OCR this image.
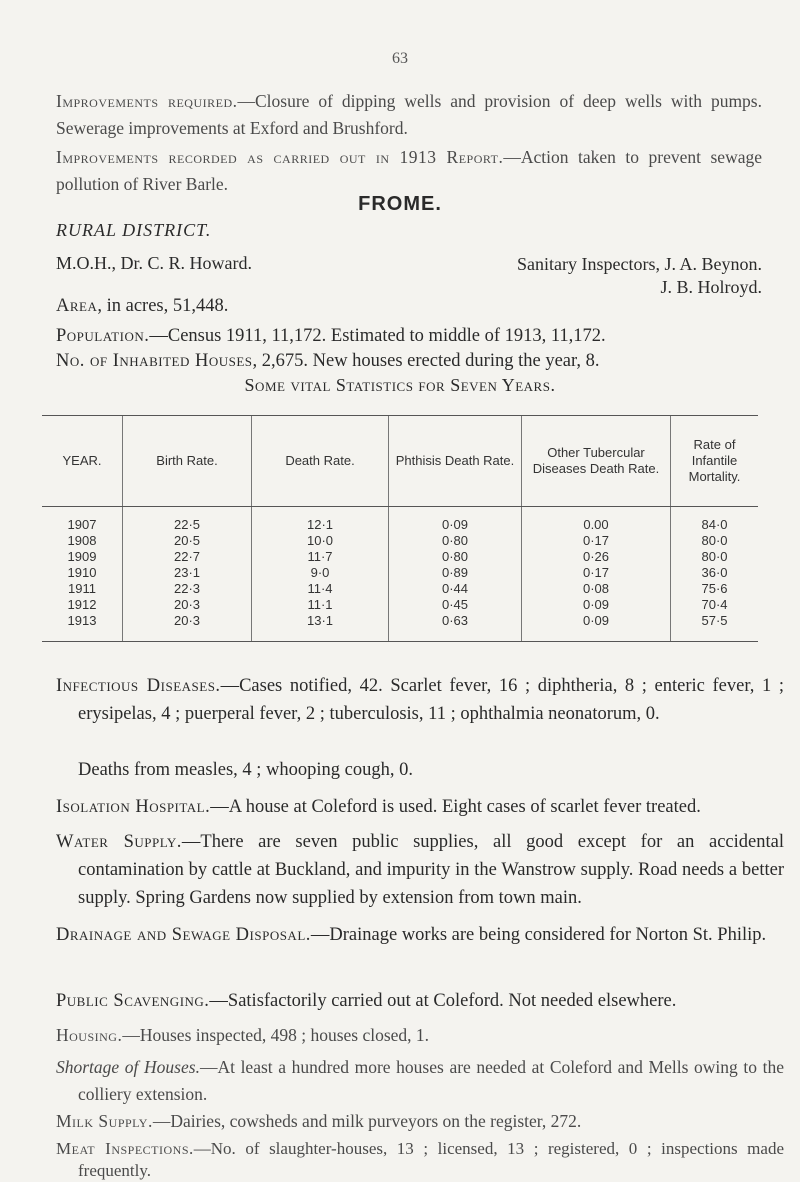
63
Improvements required.—Closure of dipping wells and provision of deep wells with pumps. Sewerage improvements at Exford and Brushford.
Improvements recorded as carried out in 1913 Report.—Action taken to prevent sewage pollution of River Barle.
FROME.
RURAL DISTRICT.
M.O.H., Dr. C. R. Howard.	Sanitary Inspectors, J. A. Beynon.
J. B. Holroyd.
Area, in acres, 51,448.
Population.—Census 1911, 11,172. Estimated to middle of 1913, 11,172.
No. of Inhabited Houses, 2,675. New houses erected during the year, 8.
Some vital Statistics for Seven Years.
YEAR.	Birth Rate.	Death Rate.	Phthisis Death Rate.	Other Tubercular Diseases Death Rate.	Rate of Infantile Mortality.
1907	22·5	12·1	0·09	0.00	84·0
1908	20·5	10·0	0·80	0·17	80·0
1909	22·7	11·7	0·80	0·26	80·0
1910	23·1	9·0	0·89	0·17	36·0
1911	22·3	11·4	0·44	0·08	75·6
1912	20·3	11·1	0·45	0·09	70·4
1913	20·3	13·1	0·63	0·09	57·5
Infectious Diseases.—Cases notified, 42. Scarlet fever, 16 ; diphtheria, 8 ; enteric fever, 1 ; erysipelas, 4 ; puerperal fever, 2 ; tuberculosis, 11 ; ophthalmia neonatorum, 0.
Deaths from measles, 4 ; whooping cough, 0.
Isolation Hospital.—A house at Coleford is used. Eight cases of scarlet fever treated.
Water Supply.—There are seven public supplies, all good except for an accidental contamination by cattle at Buckland, and impurity in the Wanstrow supply. Road needs a better supply. Spring Gardens now supplied by extension from town main.
Drainage and Sewage Disposal.—Drainage works are being considered for Norton St. Philip.
Public Scavenging.—Satisfactorily carried out at Coleford. Not needed elsewhere.
Housing.—Houses inspected, 498 ; houses closed, 1.
Shortage of Houses.—At least a hundred more houses are needed at Coleford and Mells owing to the colliery extension.
Milk Supply.—Dairies, cowsheds and milk purveyors on the register, 272.
Meat Inspections.—No. of slaughter-houses, 13 ; licensed, 13 ; registered, 0 ; inspections made frequently.
